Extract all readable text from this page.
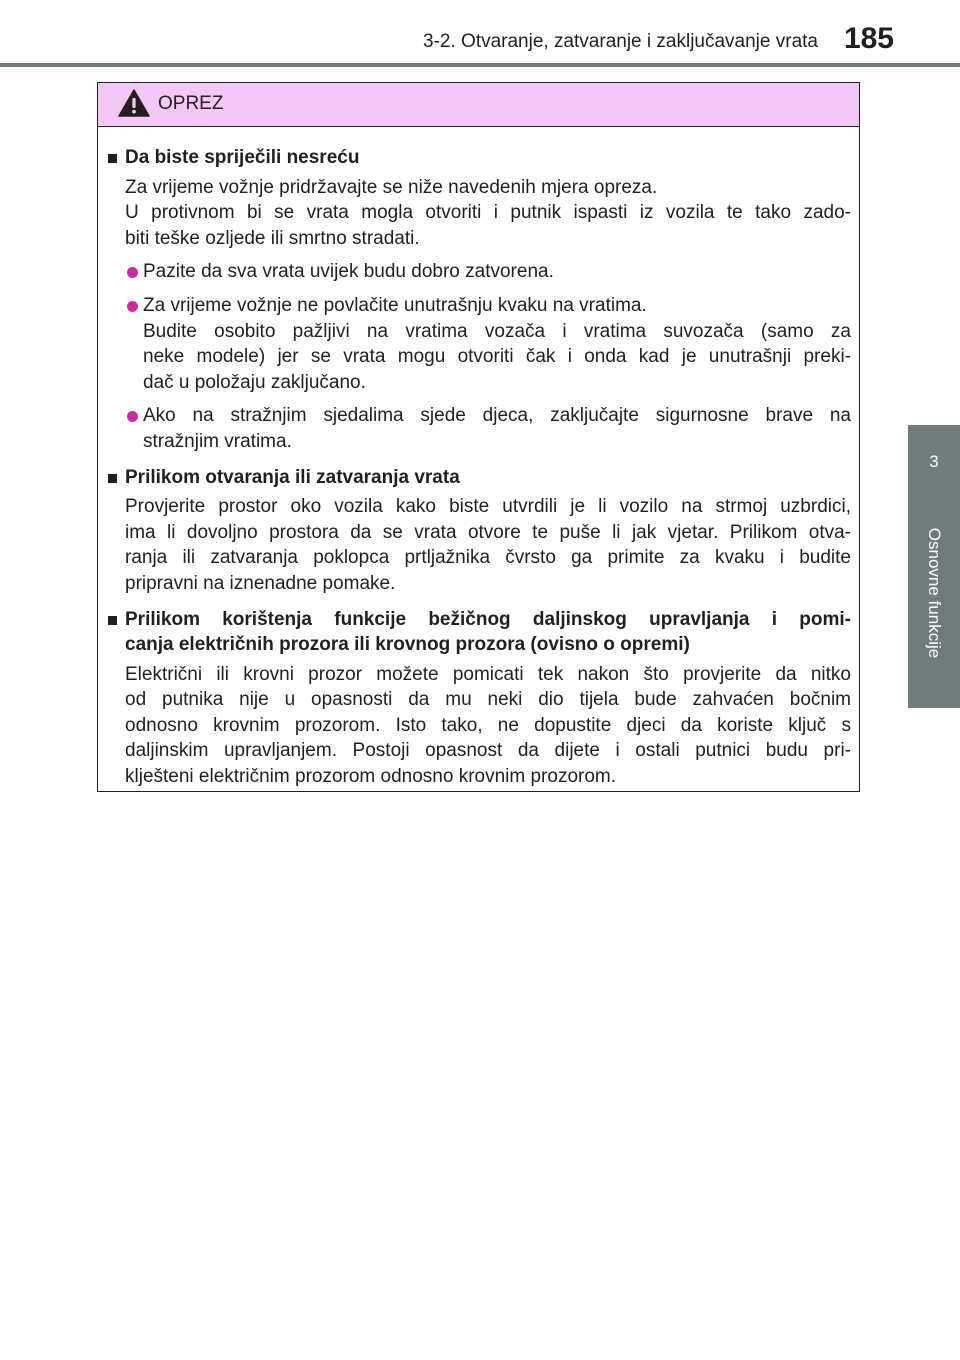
3-2. Otvaranje, zatvaranje i zaključavanje vrata 185
3
Osnovne funkcije
OPREZ
Da biste spriječili nesreću
Za vrijeme vožnje pridržavajte se niže navedenih mjera opreza.
U protivnom bi se vrata mogla otvoriti i putnik ispasti iz vozila te tako zado-
biti teške ozljede ili smrtno stradati.
Pazite da sva vrata uvijek budu dobro zatvorena.
Za vrijeme vožnje ne povlačite unutrašnju kvaku na vratima.
Budite osobito pažljivi na vratima vozača i vratima suvozača (samo za
neke modele) jer se vrata mogu otvoriti čak i onda kad je unutrašnji preki-
dač u položaju zaključano.
Ako na stražnjim sjedalima sjede djeca, zaključajte sigurnosne brave na
stražnjim vratima.
Prilikom otvaranja ili zatvaranja vrata
Provjerite prostor oko vozila kako biste utvrdili je li vozilo na strmoj uzbrdici,
ima li dovoljno prostora da se vrata otvore te puše li jak vjetar. Prilikom otva-
ranja ili zatvaranja poklopca prtljažnika čvrsto ga primite za kvaku i budite
pripravni na iznenadne pomake.
Prilikom korištenja funkcije bežičnog daljinskog upravljanja i pomi-
canja električnih prozora ili krovnog prozora (ovisno o opremi)
Električni ili krovni prozor možete pomicati tek nakon što provjerite da nitko
od putnika nije u opasnosti da mu neki dio tijela bude zahvaćen bočnim
odnosno krovnim prozorom. Isto tako, ne dopustite djeci da koriste ključ s
daljinskim upravljanjem. Postoji opasnost da dijete i ostali putnici budu pri-
klješteni električnim prozorom odnosno krovnim prozorom.
